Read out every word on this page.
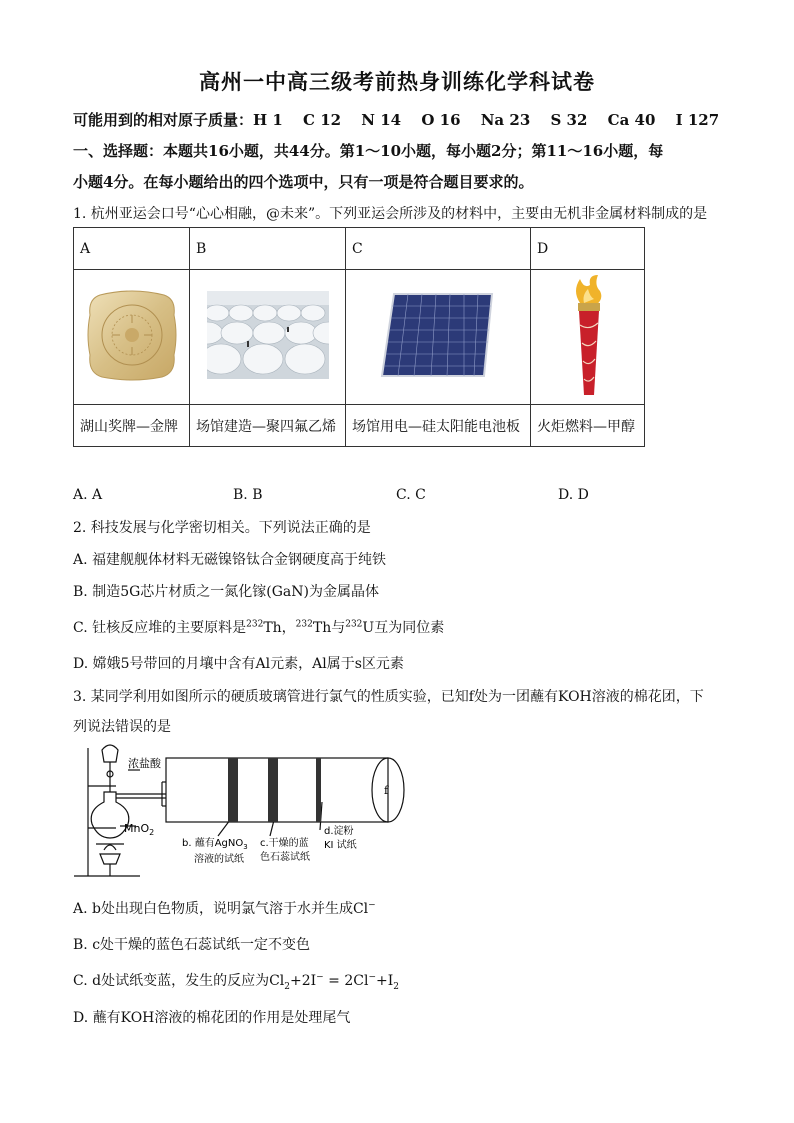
高州一中高三级考前热身训练化学科试卷
可能用到的相对原子质量：H 1　 C 12　 N 14　 O 16　 Na 23　 S 32　 Ca 40　 I 127
一、选择题：本题共16小题，共44分。第1～10小题，每小题2分；第11～16小题，每
小题4分。在每小题给出的四个选项中，只有一项是符合题目要求的。
1. 杭州亚运会口号“心心相融，@未来”。下列亚运会所涉及的材料中，主要由无机非金属材料制成的是
A	B	C	D

湖山奖牌—金牌	场馆建造—聚四氟乙烯	场馆用电—硅太阳能电池板	火炬燃料—甲醇
A. A	B. B	C. C	D. D
2. 科技发展与化学密切相关。下列说法正确的是
A. 福建舰舰体材料无磁镍铬钛合金钢硬度高于纯铁
B. 制造5G芯片材质之一氮化镓(GaN)为金属晶体
C. 钍核反应堆的主要原料是$^{232}$Th，$^{232}$Th与$^{232}$U互为同位素
D. 嫦娥5号带回的月壤中含有Al元素，Al属于s区元素
3. 某同学利用如图所示的硬质玻璃管进行氯气的性质实验，已知f处为一团蘸有KOH溶液的棉花团，下
列说法错误的是
浓盐酸
MnO$_2$
f
b. 蘸有AgNO$_3$
溶液的试纸
c.干燥的蓝
色石蕊试纸
d.淀粉
KI 试纸
A. b处出现白色物质，说明氯气溶于水并生成Cl−
B. c处干燥的蓝色石蕊试纸一定不变色
C. d处试纸变蓝，发生的反应为$Cl_2+2I^- = 2Cl^-+I_2$
D. 蘸有KOH溶液的棉花团的作用是处理尾气
